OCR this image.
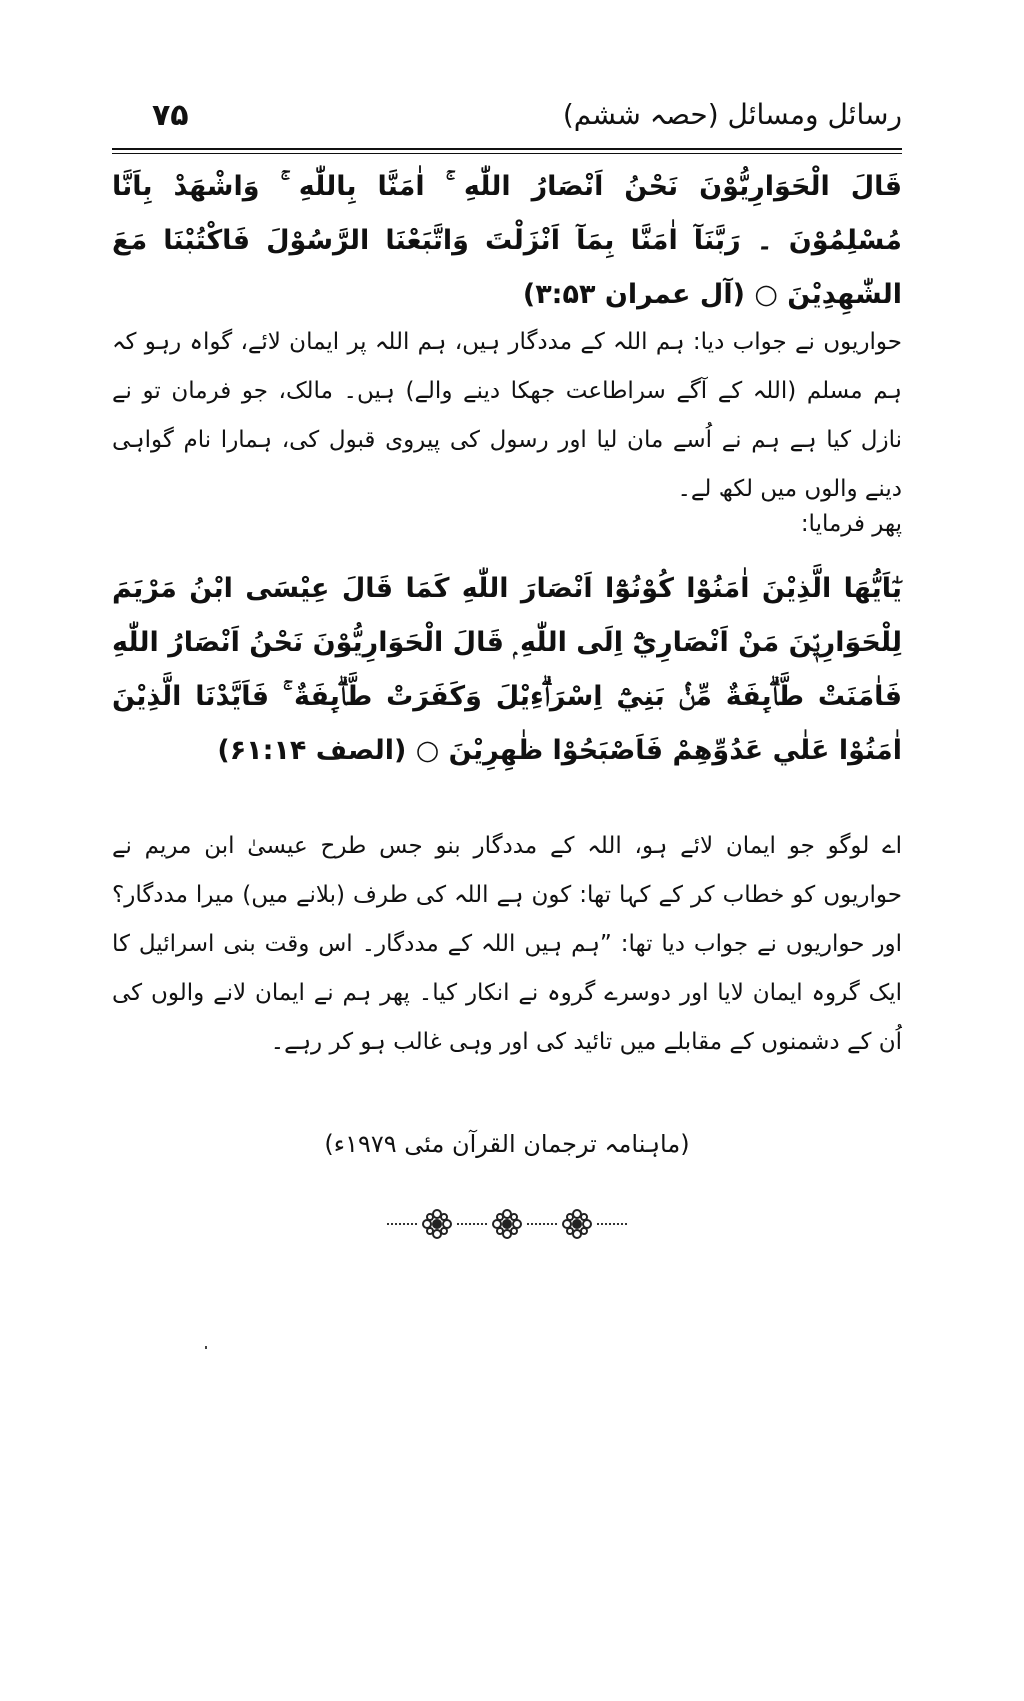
۷۵	رسائل ومسائل (حصہ ششم)
قَالَ الْحَوَارِيُّوْنَ نَحْنُ اَنْصَارُ اللّٰهِ ۚ اٰمَنَّا بِاللّٰهِ ۚ وَاشْهَدْ بِاَنَّا مُسْلِمُوْنَ ۔ رَبَّنَآ اٰمَنَّا بِمَآ اَنْزَلْتَ وَاتَّبَعْنَا الرَّسُوْلَ فَاكْتُبْنَا مَعَ الشّٰهِدِيْنَ ○ (آل عمران ۳:۵۳)
حواریوں نے جواب دیا: ہم اللہ کے مددگار ہیں، ہم اللہ پر ایمان لائے، گواہ رہو کہ ہم مسلم (اللہ کے آگے سراطاعت جھکا دینے والے) ہیں۔ مالک، جو فرمان تو نے نازل کیا ہے ہم نے اُسے مان لیا اور رسول کی پیروی قبول کی، ہمارا نام گواہی دینے والوں میں لکھ لے۔
پھر فرمایا:
يٰٓاَيُّهَا الَّذِيْنَ اٰمَنُوْا كُوْنُوْٓا اَنْصَارَ اللّٰهِ كَمَا قَالَ عِيْسَى ابْنُ مَرْيَمَ لِلْحَوَارِيّٖنَ مَنْ اَنْصَارِيْٓ اِلَى اللّٰهِ ۭ قَالَ الْحَوَارِيُّوْنَ نَحْنُ اَنْصَارُ اللّٰهِ فَاٰمَنَتْ طَّاۗىِٕفَةٌ مِّنْۢ بَنِيْٓ اِسْرَاۗءِيْلَ وَكَفَرَتْ طَّاۗىِٕفَةٌ ۚ فَاَيَّدْنَا الَّذِيْنَ اٰمَنُوْا عَلٰي عَدُوِّهِمْ فَاَصْبَحُوْا ظٰهِرِيْنَ ○ (الصف ۶۱:۱۴)
اے لوگو جو ایمان لائے ہو، اللہ کے مددگار بنو جس طرح عیسیٰ ابن مریم نے حواریوں کو خطاب کر کے کہا تھا: کون ہے اللہ کی طرف (بلانے میں) میرا مددگار؟ اور حواریوں نے جواب دیا تھا: ”ہم ہیں اللہ کے مددگار۔ اس وقت بنی اسرائیل کا ایک گروہ ایمان لایا اور دوسرے گروہ نے انکار کیا۔ پھر ہم نے ایمان لانے والوں کی اُن کے دشمنوں کے مقابلے میں تائید کی اور وہی غالب ہو کر رہے۔
(ماہنامہ ترجمان القرآن مئی ۱۹۷۹ء)
